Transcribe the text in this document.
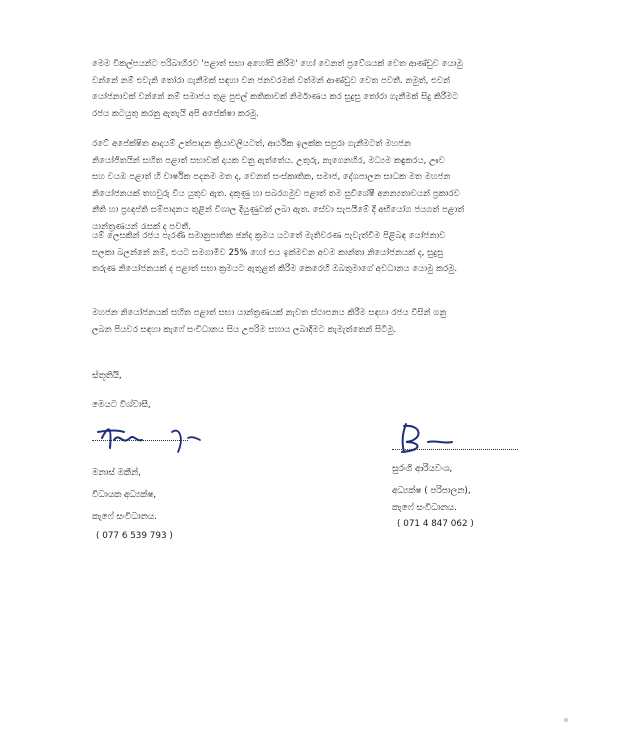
මෙම විකල්පයන්ට පරිබාහිරව 'පළාත් සභා අහෝසි කිරීම' හෝ වෙනත් ප්‍රවේශයක් වෙත ආණ්ඩුව යොමු
වන්නේ නම් එවැනි තෝරා ගැනීමක් සඳහා වන ජනවරමක් වත්මන් ආණ්ඩුව වෙත පවතී. නමුත්, එවන්
යෝජනාවක් වන්නේ නම් සමාජය තුළ පුළුල් කතිකාවක් නිර්මාණය කර සුදුසු තෝරා ගැනීමක් සිදු කිරීමට
රජය කටයුතු කරනු ඇතැයි අපි අපේක්ෂා කරමු.

රටේ අපේක්ෂිත ආදායම් උත්පාදන ක්‍රියාවලියටත්, ආර්ථික ඉලක්ක සපුරා ගැනීමටත් මහජන
නියෝජිතයින් සහිත පළාත් සභාවක් දායක වනු ඇත්තේය. උතුරු, නැගෙනහිර, මධ්‍යම කඳුකරය, ඌව
සහ වයඹ පළාත් හි වාර්ෂික පදනම මත ද, වෙනත් සංස්කෘතික, සමාජ, දේශපාලන සාධක මත මහජන
නියෝජනයක් තහවුරු විය යුතුව ඇත. දකුණු හා සබරගමුව පළාත් තම සුවිශේෂී අනන්‍යතාවයන් ප්‍රකාරව
නීති හා ප්‍රඥප්ති සම්පාදනය තුළින් විශාල දියුණුවක් ලබා ඇත. සේවා සැපයීමේ දී අභියෝග ජයගත් පළාත්
යාන්ත්‍රණයන් රැසක් ද පවතී.

යම් ලෙසකින් රජය පැරණි සමානුපාතික ඡන්ද ක්‍රමය යටතේ මැතිවරණ පැවැත්වීම පිළිබඳ යෝජනාව
සලකා බලන්නේ නම්, එයට සමගාමීව 25% හෝ එය ඉක්මවන අවම කාන්තා නියෝජනයක් ද, සුදුසු
තරුණ නියෝජනයක් ද පළාත් සභා ක්‍රමයට ඇතුළත් කිරීම කෙරෙහි ඔබතුමාගේ අවධානය යොමු කරමු.

මහජන නියෝජනයක් සහිත පළාත් සභා යාන්ත්‍රණයක් නැවත ස්ථාපනය කිරීම සඳහා රජය විසින් ගනු
ලබන පියවර සඳහා කැෆේ සංවිධානය සිය උපරිම සහාය ලබාදීමට කැමැත්තෙන් සිටිමු.

ස්තූතියි,
මෙයට විශ්වාසී,
මනාස් මකීන්,
විධායක අධ්‍යක්ෂ,
කැෆේ සංවිධානය.
( 077 6 539 793 )
සුරංගි ආරියවංශ,
අධ්‍යක්ෂ ( පරිපාලන),
කැෆේ සංවිධානය.
( 071 4 847 062 )
